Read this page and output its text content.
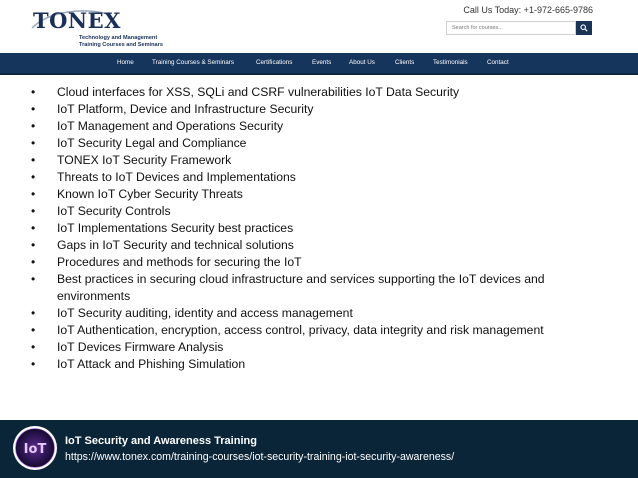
TONEX
Technology and Management
Training Courses and Seminars
Call Us Today: +1-972-665-9786
Search for courses...
Home	Training Courses & Seminars	Certifications	Events	About Us	Clients	Testimonials	Contact
• Cloud interfaces for XSS, SQLi and CSRF vulnerabilities IoT Data Security
• IoT Platform, Device and Infrastructure Security
• IoT Management and Operations Security
• IoT Security Legal and Compliance
• TONEX IoT Security Framework
• Threats to IoT Devices and Implementations
• Known IoT Cyber Security Threats
• IoT Security Controls
• IoT Implementations Security best practices
• Gaps in IoT Security and technical solutions
• Procedures and methods for securing the IoT
• Best practices in securing cloud infrastructure and services supporting the IoT devices and environments
• IoT Security auditing, identity and access management
• IoT Authentication, encryption, access control, privacy, data integrity and risk management
• IoT Devices Firmware Analysis
• IoT Attack and Phishing Simulation
IoT
IoT Security and Awareness Training
https://www.tonex.com/training-courses/iot-security-training-iot-security-awareness/
